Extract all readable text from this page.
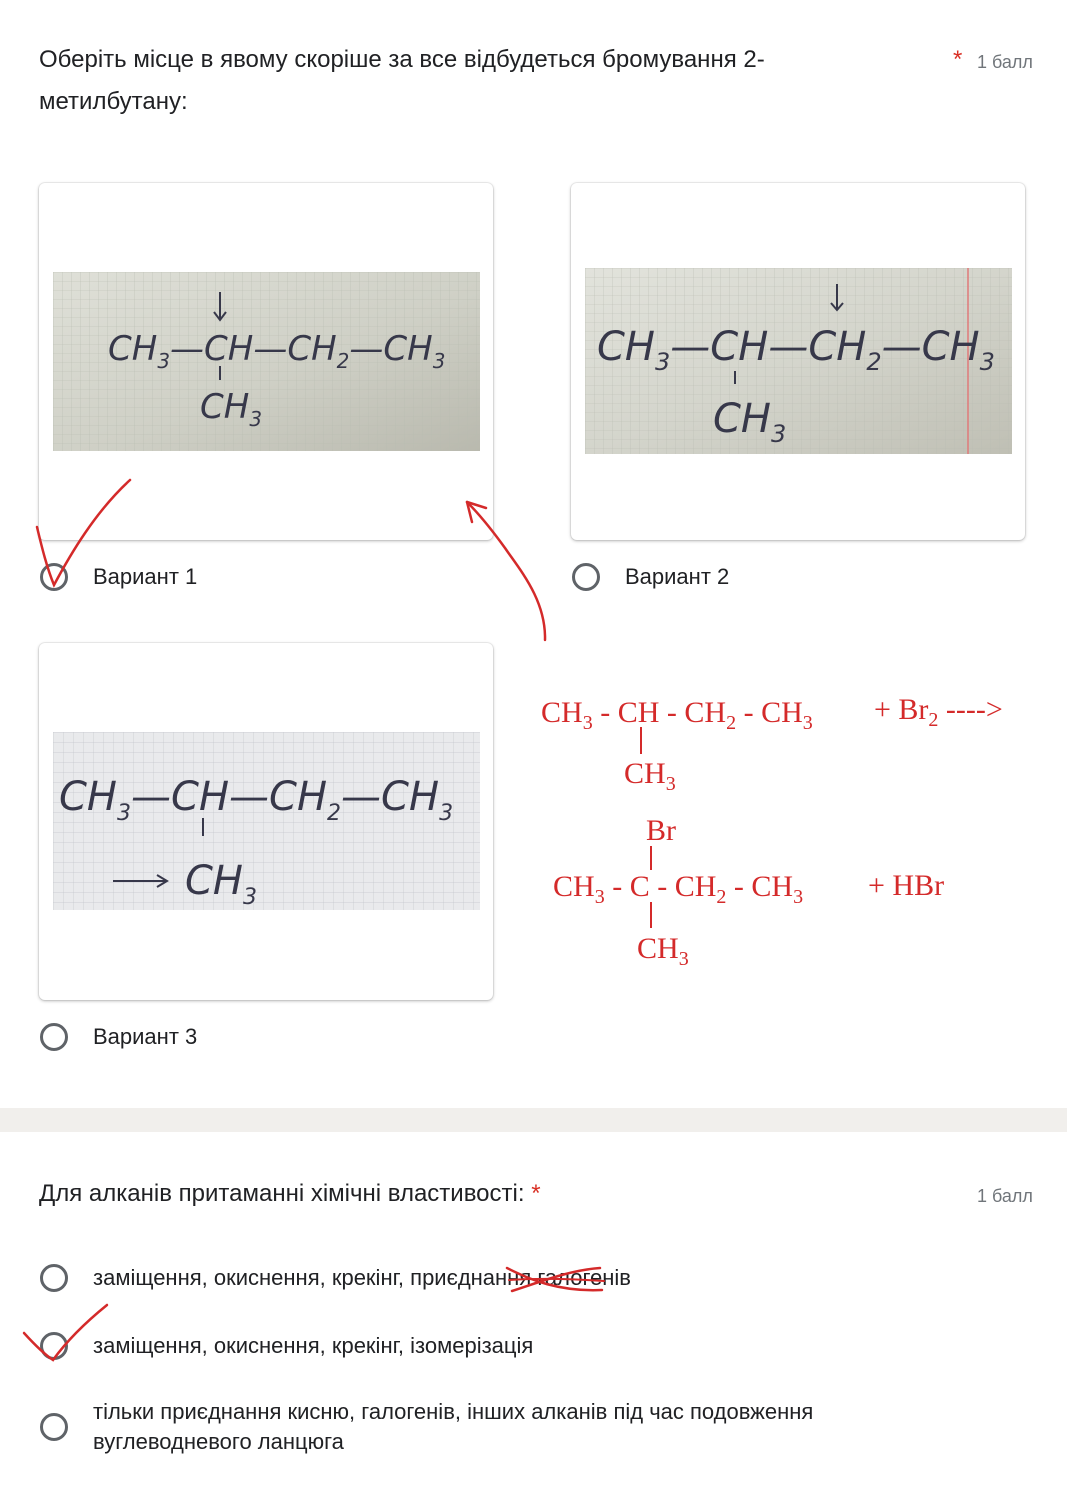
Оберіть місце в явому скоріше за все відбудеться бромування 2-
метилбутану:
* 1 балл
$CH_3—CH—CH_2—CH_3$
$CH_3$
$CH_3—CH—CH_2—CH_3$
$CH_3$
Вариант 1	Вариант 2
$CH_3—CH—CH_2—CH_3$
$CH_3$
Вариант 3
Для алканів притаманні хімічні властивості: *	1 балл
заміщення, окиснення, крекінг, приєднання галогенів
заміщення, окиснення, крекінг, ізомерізація
тільки приєднання кисню, галогенів, інших алканів під час подовження
вуглеводневого ланцюга
$CH_3$ - CH - $CH_2 - CH_3 + Br_2$ ---->
$CH_3$
Br
$CH_3$ - C - $CH_2 - CH_3$ + HBr
$CH_3$
